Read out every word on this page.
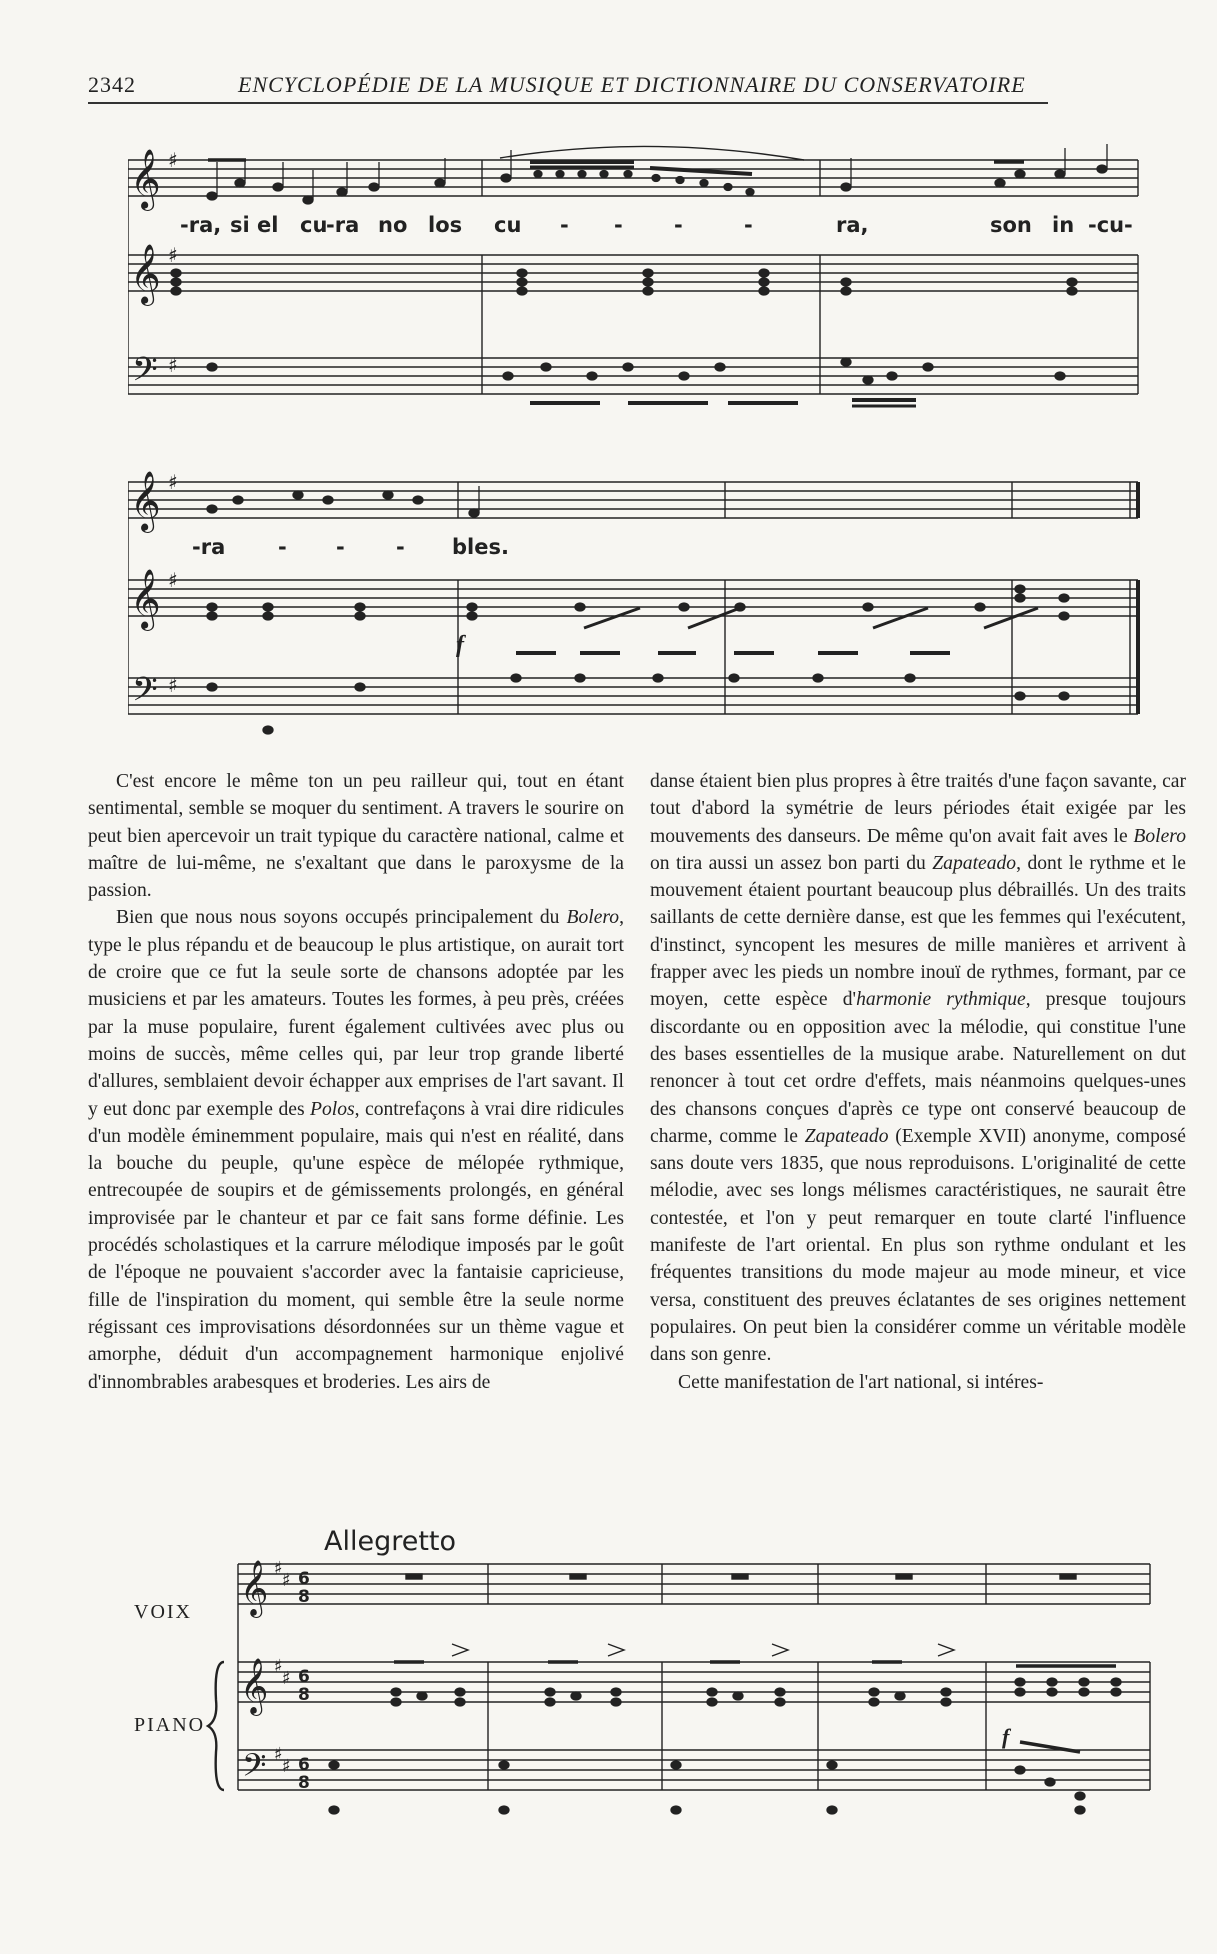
2342	ENCYCLOPÉDIE DE LA MUSIQUE ET DICTIONNAIRE DU CONSERVATOIRE
𝄞
𝄞
𝄢
𝄞
𝄞
𝄢
♯
♯
♯
♯
♯
♯
-ra, si el cu
-ra no los cu - - -	-	ra,	son in -cu -
-ra	- - - bles.
f

C'est encore le même ton un peu railleur qui, tout en étant sentimental, semble se moquer du sentiment. A travers le sourire on peut bien apercevoir un trait typique du caractère national, calme et maître de lui-même, ne s'exaltant que dans le paroxysme de la passion.

Bien que nous nous soyons occupés principalement du Bolero, type le plus répandu et de beaucoup le plus artistique, on aurait tort de croire que ce fut la seule sorte de chansons adoptée par les musiciens et par les amateurs. Toutes les formes, à peu près, créées par la muse populaire, furent également cultivées avec plus ou moins de succès, même celles qui, par leur trop grande liberté d'allures, semblaient devoir échapper aux emprises de l'art savant. Il y eut donc par exemple des Polos, contrefaçons à vrai dire ridicules d'un modèle éminemment populaire, mais qui n'est en réalité, dans la bouche du peuple, qu'une espèce de mélopée rythmique, entrecoupée de soupirs et de gémissements prolongés, en général improvisée par le chanteur et par ce fait sans forme définie. Les procédés scholastiques et la carrure mélodique imposés par le goût de l'époque ne pouvaient s'accorder avec la fantaisie capricieuse, fille de l'inspiration du moment, qui semble être la seule norme régissant ces improvisations désordonnées sur un thème vague et amorphe, déduit d'un accompagnement harmonique enjolivé d'innombrables arabesques et broderies. Les airs de

danse étaient bien plus propres à être traités d'une façon savante, car tout d'abord la symétrie de leurs périodes était exigée par les mouvements des danseurs. De même qu'on avait fait aves le Bolero on tira aussi un assez bon parti du Zapateado, dont le rythme et le mouvement étaient pourtant beaucoup plus débraillés. Un des traits saillants de cette dernière danse, est que les femmes qui l'exécutent, d'instinct, syncopent les mesures de mille manières et arrivent à frapper avec les pieds un nombre inouï de rythmes, formant, par ce moyen, cette espèce d'harmonie rythmique, presque toujours discordante ou en opposition avec la mélodie, qui constitue l'une des bases essentielles de la musique arabe. Naturellement on dut renoncer à tout cet ordre d'effets, mais néanmoins quelques-unes des chansons conçues d'après ce type ont conservé beaucoup de charme, comme le Zapateado (Exemple XVII) anonyme, composé sans doute vers 1835, que nous reproduisons. L'originalité de cette mélodie, avec ses longs mélismes caractéristiques, ne saurait être contestée, et l'on y peut remarquer en toute clarté l'influence manifeste de l'art oriental. En plus son rythme ondulant et les fréquentes transitions du mode majeur au mode mineur, et vice versa, constituent des preuves éclatantes de ses origines nettement populaires. On peut bien la considérer comme un véritable modèle dans son genre.

Cette manifestation de l'art national, si intéres-

Allegretto
VOIX
PIANO
𝄞
𝄞
𝄢
♯
♯
♯
♯
♯
♯
6
8
6
8
6
8
f
